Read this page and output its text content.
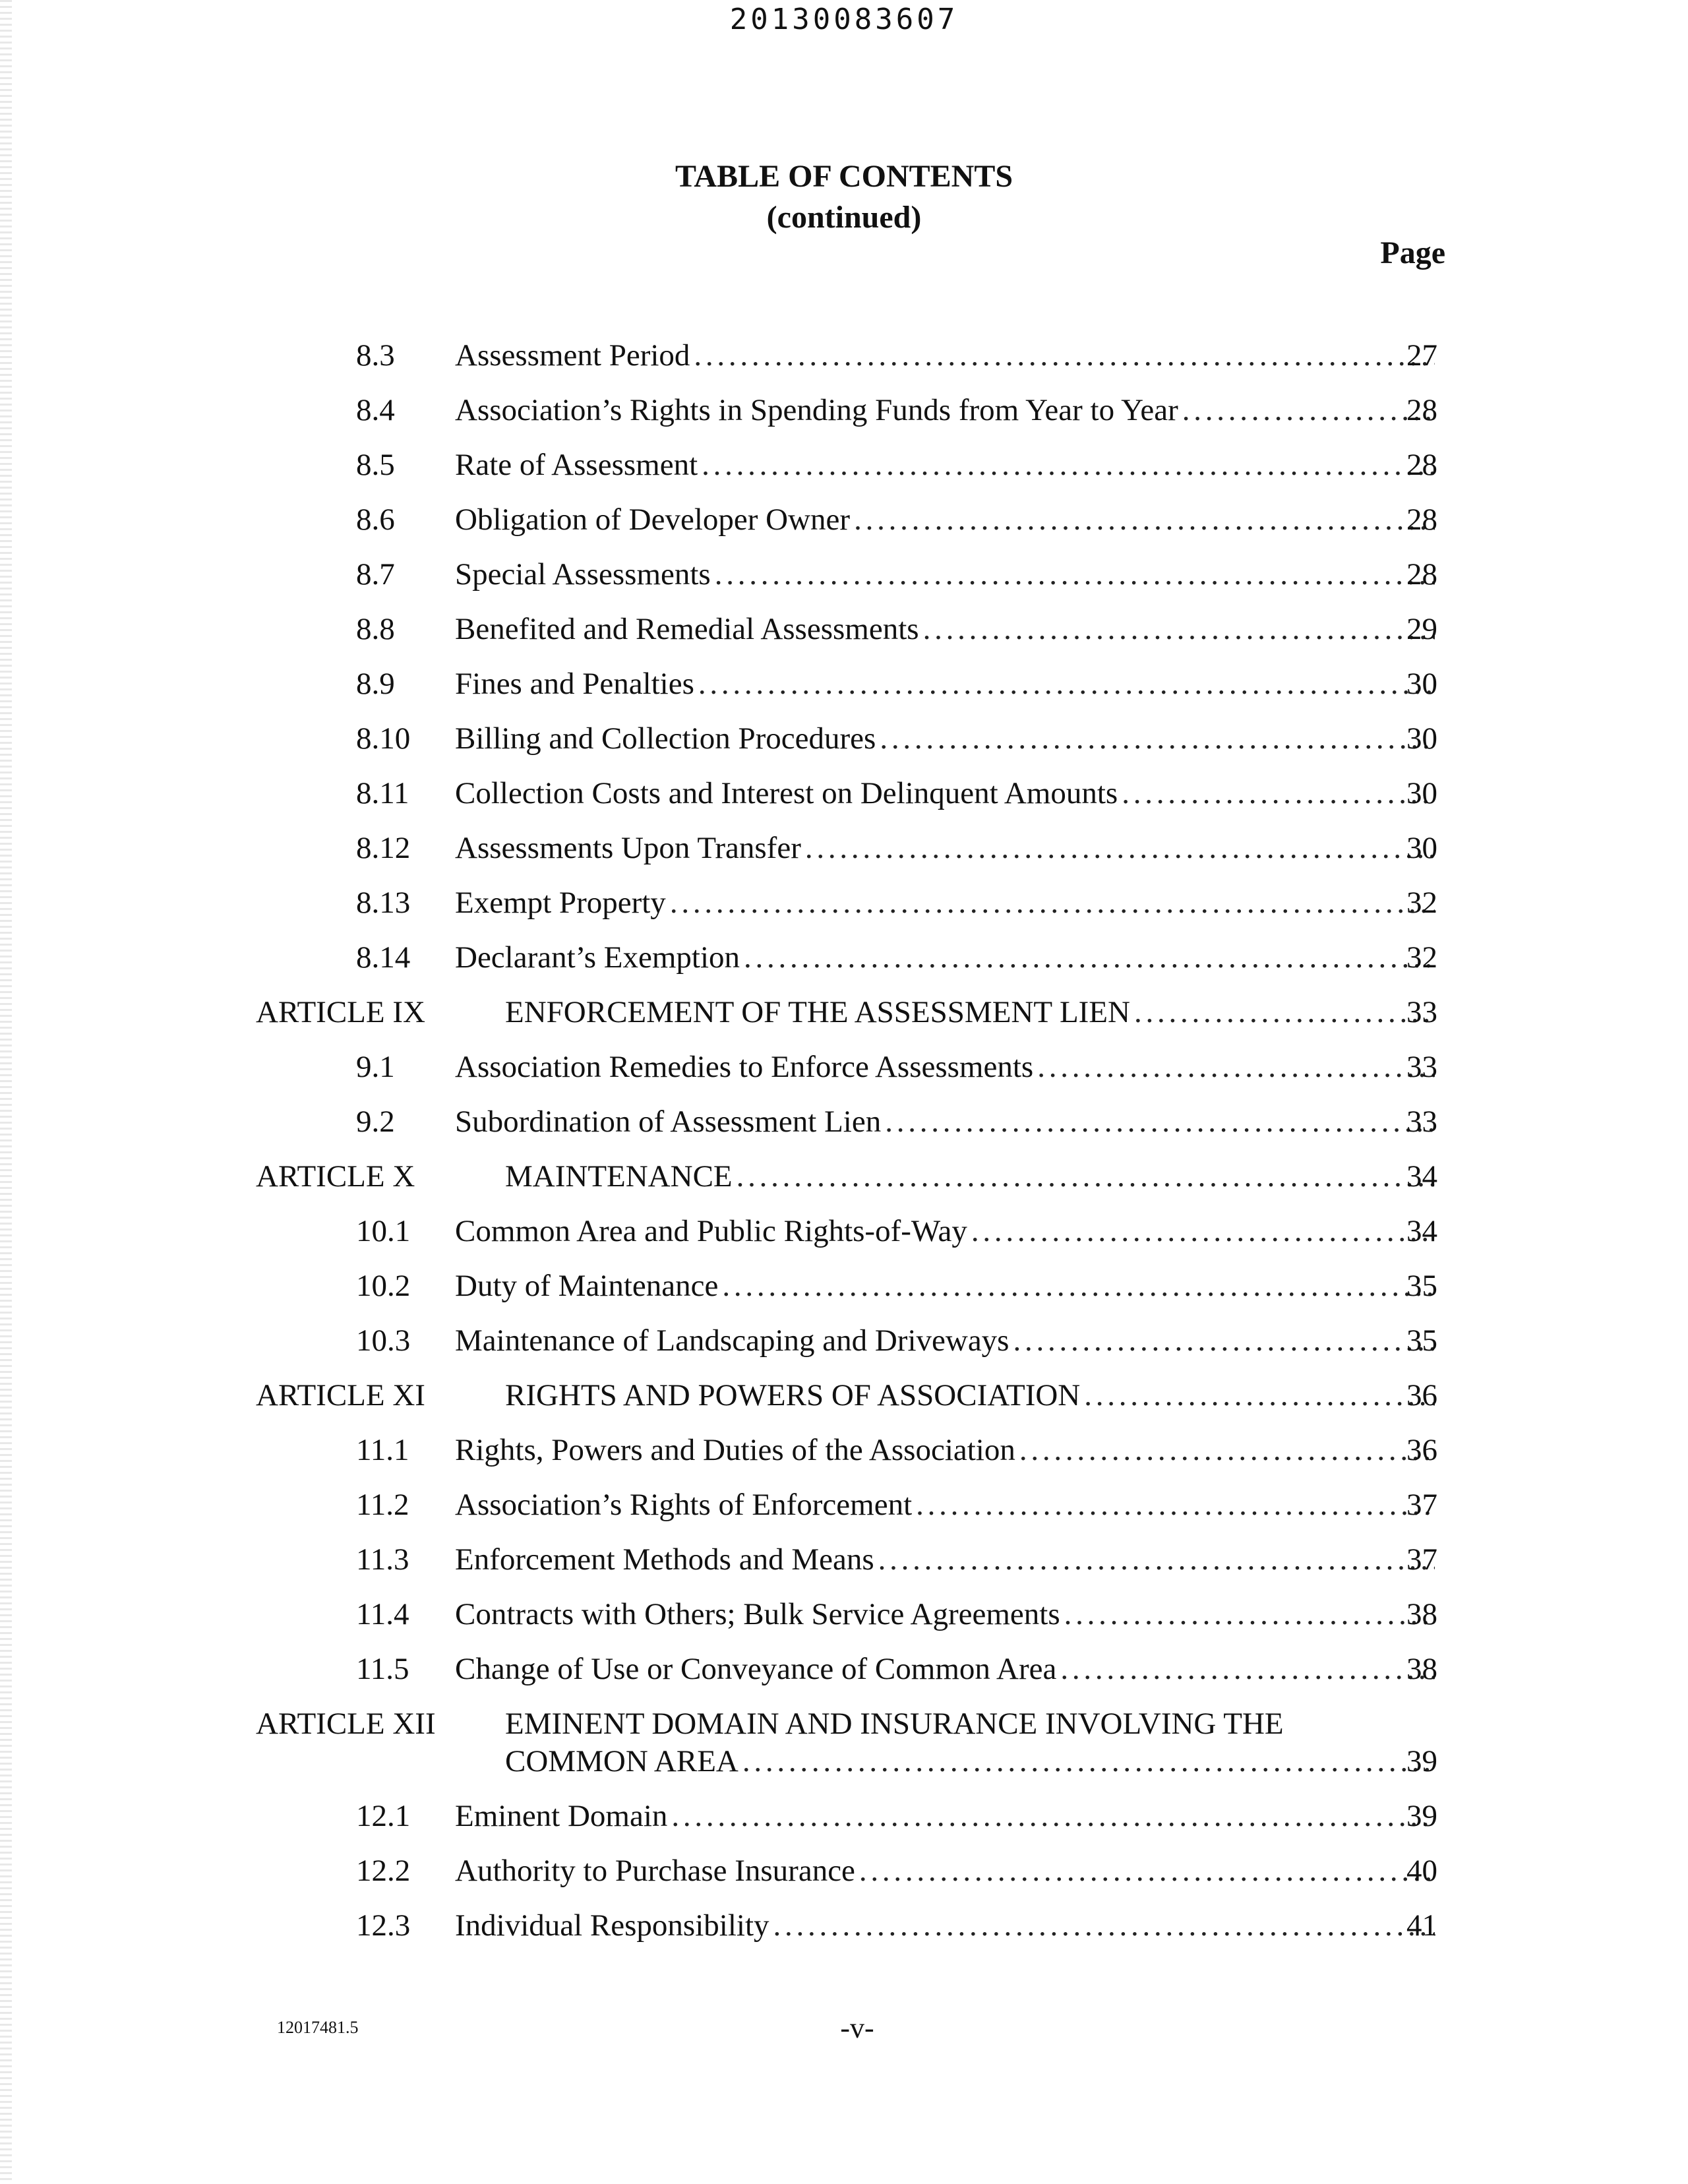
20130083607
TABLE OF CONTENTS
(continued)
Page
8.3 Assessment Period . . .	27
8.4 Association’s Rights in Spending Funds from Year to Year . . .	28
8.5 Rate of Assessment . . .	28
8.6 Obligation of Developer Owner . . .	28
8.7 Special Assessments . . .	28
8.8 Benefited and Remedial Assessments . . .	29
8.9 Fines and Penalties . . .	30
8.10 Billing and Collection Procedures . . .	30
8.11 Collection Costs and Interest on Delinquent Amounts . . .	30
8.12 Assessments Upon Transfer . . .	30
8.13 Exempt Property . . .	32
8.14 Declarant’s Exemption . . .	32
ARTICLE IX	ENFORCEMENT OF THE ASSESSMENT LIEN . . .	33
9.1 Association Remedies to Enforce Assessments . . .	33
9.2 Subordination of Assessment Lien . . .	33
ARTICLE X	MAINTENANCE . . .	34
10.1 Common Area and Public Rights-of-Way . . .	34
10.2 Duty of Maintenance . . .	35
10.3 Maintenance of Landscaping and Driveways . . .	35
ARTICLE XI	RIGHTS AND POWERS OF ASSOCIATION . . .	36
11.1 Rights, Powers and Duties of the Association . . .	36
11.2 Association’s Rights of Enforcement . . .	37
11.3 Enforcement Methods and Means . . .	37
11.4 Contracts with Others; Bulk Service Agreements . . .	38
11.5 Change of Use or Conveyance of Common Area . . .	38
ARTICLE XII EMINENT DOMAIN AND INSURANCE INVOLVING THE
COMMON AREA . . .	39
12.1 Eminent Domain . . .	39
12.2 Authority to Purchase Insurance . . .	40
12.3 Individual Responsibility . . .	41
12017481.5	-v-
